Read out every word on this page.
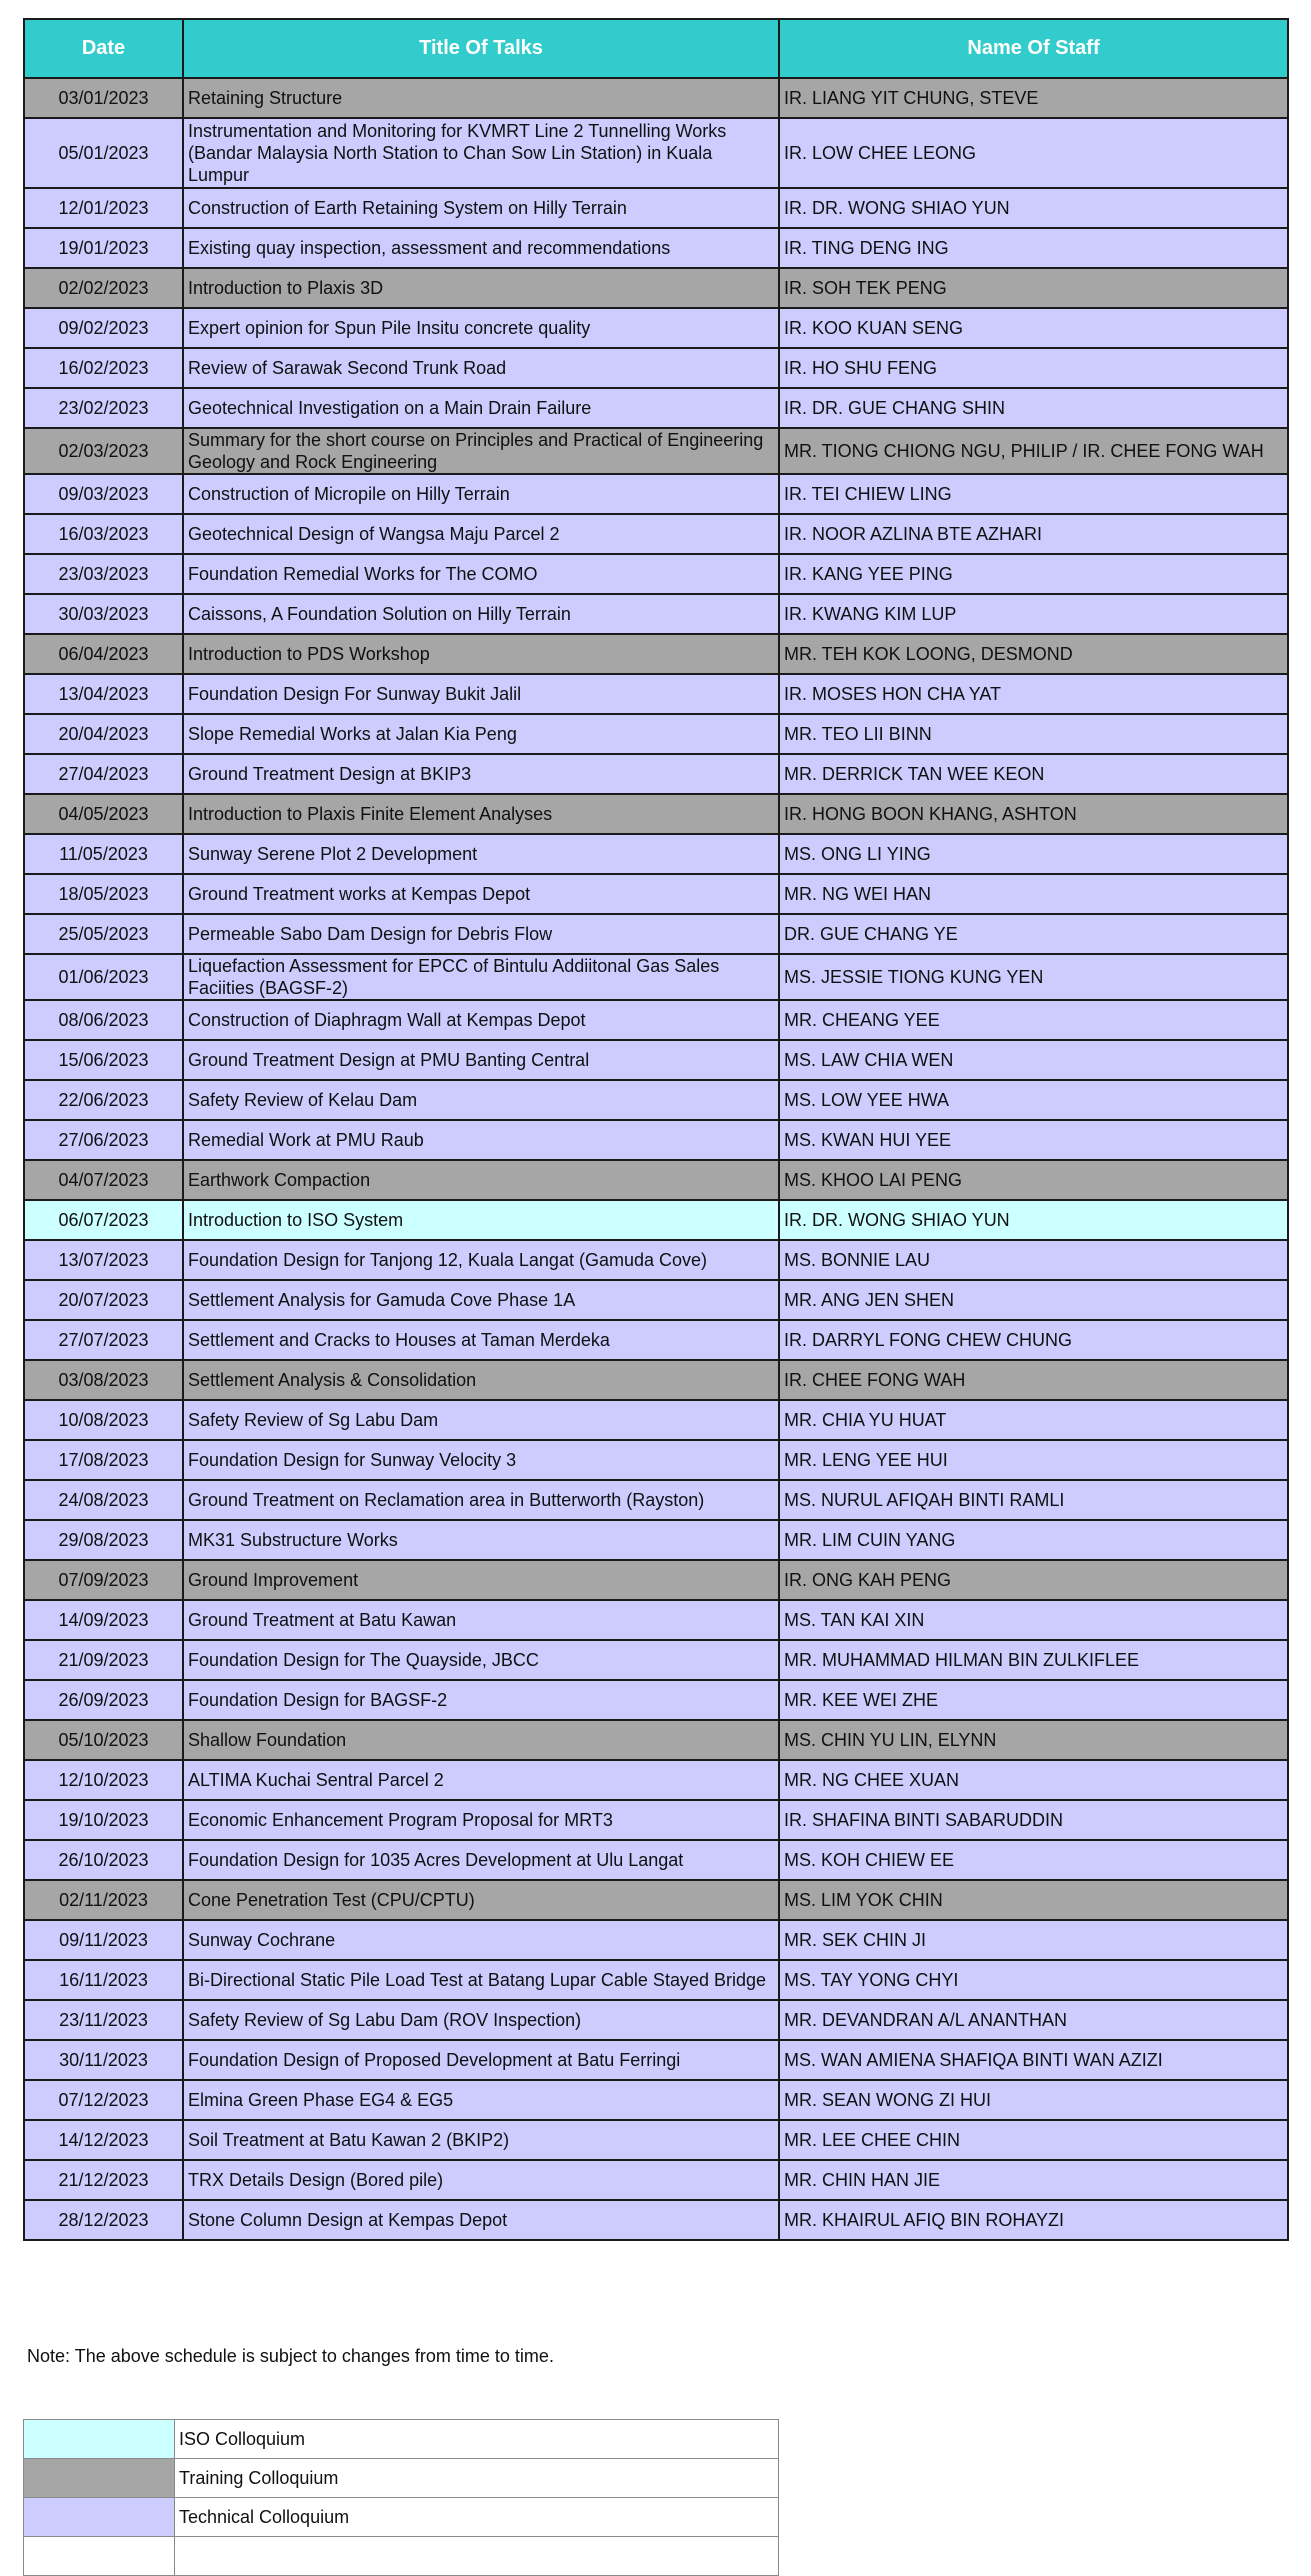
Date	Title Of Talks	Name Of Staff
03/01/2023	Retaining Structure	IR. LIANG YIT CHUNG, STEVE
05/01/2023	Instrumentation and Monitoring for KVMRT Line 2 Tunnelling Works (Bandar Malaysia North Station to Chan Sow Lin Station) in Kuala Lumpur	IR. LOW CHEE LEONG
12/01/2023	Construction of Earth Retaining System on Hilly Terrain	IR. DR. WONG SHIAO YUN
19/01/2023	Existing quay inspection, assessment and recommendations	IR. TING DENG ING
02/02/2023	Introduction to Plaxis 3D	IR. SOH TEK PENG
09/02/2023	Expert opinion for Spun Pile Insitu concrete quality	IR. KOO KUAN SENG
16/02/2023	Review of Sarawak Second Trunk Road	IR. HO SHU FENG
23/02/2023	Geotechnical Investigation on a Main Drain Failure	IR. DR. GUE CHANG SHIN
02/03/2023	Summary for the short course on Principles and Practical of Engineering Geology and Rock Engineering	MR. TIONG CHIONG NGU, PHILIP / IR. CHEE FONG WAH
09/03/2023	Construction of Micropile on Hilly Terrain	IR. TEI CHIEW LING
16/03/2023	Geotechnical Design of Wangsa Maju Parcel 2	IR. NOOR AZLINA BTE AZHARI
23/03/2023	Foundation Remedial Works for The COMO	IR. KANG YEE PING
30/03/2023	Caissons, A Foundation Solution on Hilly Terrain	IR. KWANG KIM LUP
06/04/2023	Introduction to PDS Workshop	MR. TEH KOK LOONG, DESMOND
13/04/2023	Foundation Design For Sunway Bukit Jalil	IR. MOSES HON CHA YAT
20/04/2023	Slope Remedial Works at Jalan Kia Peng	MR. TEO LII BINN
27/04/2023	Ground Treatment Design at BKIP3	MR. DERRICK TAN WEE KEON
04/05/2023	Introduction to Plaxis Finite Element Analyses	IR. HONG BOON KHANG, ASHTON
11/05/2023	Sunway Serene Plot 2 Development	MS. ONG LI YING
18/05/2023	Ground Treatment works at Kempas Depot	MR. NG WEI HAN
25/05/2023	Permeable Sabo Dam Design for Debris Flow	DR. GUE CHANG YE
01/06/2023	Liquefaction Assessment for EPCC of Bintulu Addiitonal Gas Sales Faciities (BAGSF-2)	MS. JESSIE TIONG KUNG YEN
08/06/2023	Construction of Diaphragm Wall at Kempas Depot	MR. CHEANG YEE
15/06/2023	Ground Treatment Design at PMU Banting Central	MS. LAW CHIA WEN
22/06/2023	Safety Review of Kelau Dam	MS. LOW YEE HWA
27/06/2023	Remedial Work at PMU Raub	MS. KWAN HUI YEE
04/07/2023	Earthwork Compaction	MS. KHOO LAI PENG
06/07/2023	Introduction to ISO System	IR. DR. WONG SHIAO YUN
13/07/2023	Foundation Design for Tanjong 12, Kuala Langat (Gamuda Cove)	MS. BONNIE LAU
20/07/2023	Settlement Analysis for Gamuda Cove Phase 1A	MR. ANG JEN SHEN
27/07/2023	Settlement and Cracks to Houses at Taman Merdeka	IR. DARRYL FONG CHEW CHUNG
03/08/2023	Settlement Analysis & Consolidation	IR. CHEE FONG WAH
10/08/2023	Safety Review of Sg Labu Dam	MR. CHIA YU HUAT
17/08/2023	Foundation Design for Sunway Velocity 3	MR. LENG YEE HUI
24/08/2023	Ground Treatment on Reclamation area in Butterworth (Rayston)	MS. NURUL AFIQAH BINTI RAMLI
29/08/2023	MK31 Substructure Works	MR. LIM CUIN YANG
07/09/2023	Ground Improvement	IR. ONG KAH PENG
14/09/2023	Ground Treatment at Batu Kawan	MS. TAN KAI XIN
21/09/2023	Foundation Design for The Quayside, JBCC	MR. MUHAMMAD HILMAN BIN ZULKIFLEE
26/09/2023	Foundation Design for BAGSF-2	MR. KEE WEI ZHE
05/10/2023	Shallow Foundation	MS. CHIN YU LIN, ELYNN
12/10/2023	ALTIMA Kuchai Sentral Parcel 2	MR. NG CHEE XUAN
19/10/2023	Economic Enhancement Program Proposal for MRT3	IR. SHAFINA BINTI SABARUDDIN
26/10/2023	Foundation Design for 1035 Acres Development at Ulu Langat	MS. KOH CHIEW EE
02/11/2023	Cone Penetration Test (CPU/CPTU)	MS. LIM YOK CHIN
09/11/2023	Sunway Cochrane	MR. SEK CHIN JI
16/11/2023	Bi-Directional Static Pile Load Test at Batang Lupar Cable Stayed Bridge	MS. TAY YONG CHYI
23/11/2023	Safety Review of Sg Labu Dam (ROV Inspection)	MR. DEVANDRAN A/L ANANTHAN
30/11/2023	Foundation Design of Proposed Development at Batu Ferringi	MS. WAN AMIENA SHAFIQA BINTI WAN AZIZI
07/12/2023	Elmina Green Phase EG4 & EG5	MR. SEAN WONG ZI HUI
14/12/2023	Soil Treatment at Batu Kawan 2 (BKIP2)	MR. LEE CHEE CHIN
21/12/2023	TRX Details Design (Bored pile)	MR. CHIN HAN JIE
28/12/2023	Stone Column Design at Kempas Depot	MR. KHAIRUL AFIQ BIN ROHAYZI
Note: The above schedule is subject to changes from time to time.
	ISO Colloquium
	Training Colloquium
	Technical Colloquium
